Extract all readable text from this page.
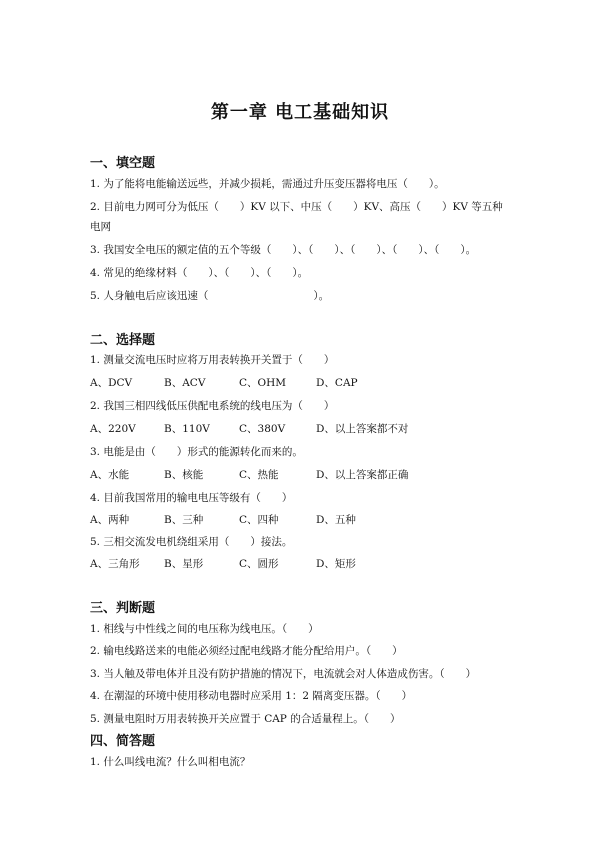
第一章 电工基础知识
一、填空题
1. 为了能将电能输送远些，并减少损耗，需通过升压变压器将电压（　　）。
2. 目前电力网可分为低压（　　）KV 以下、中压（　　）KV、高压（　　）KV 等五种
电网
3. 我国安全电压的额定值的五个等级（　　）、（　　）、（　　）、（　　）、（　　）。
4. 常见的绝缘材料（　　）、（　　）、（　　）。
5. 人身触电后应该迅速（　　　　　　　　　　）。
二、选择题
1. 测量交流电压时应将万用表转换开关置于（　　）
A、DCV	B、ACV	C、OHM	D、CAP
2. 我国三相四线低压供配电系统的线电压为（　　）
A、220V	B、110V	C、380V	D、以上答案都不对
3. 电能是由（　　）形式的能源转化而来的。
A、水能	B、核能	C、热能	D、以上答案都正确
4. 目前我国常用的输电电压等级有（　　）
A、两种	B、三种	C、四种	D、五种
5. 三相交流发电机绕组采用（　　）接法。
A、三角形 B、星形	C、圆形	D、矩形
三、判断题
1. 相线与中性线之间的电压称为线电压。（　　）
2. 输电线路送来的电能必须经过配电线路才能分配给用户。（　　）
3. 当人触及带电体并且没有防护措施的情况下，电流就会对人体造成伤害。（　　）
4. 在潮湿的环境中使用移动电器时应采用 1：2 隔离变压器。（　　）
5. 测量电阻时万用表转换开关应置于 CAP 的合适量程上。（　　）
四、简答题
1. 什么叫线电流？什么叫相电流？
